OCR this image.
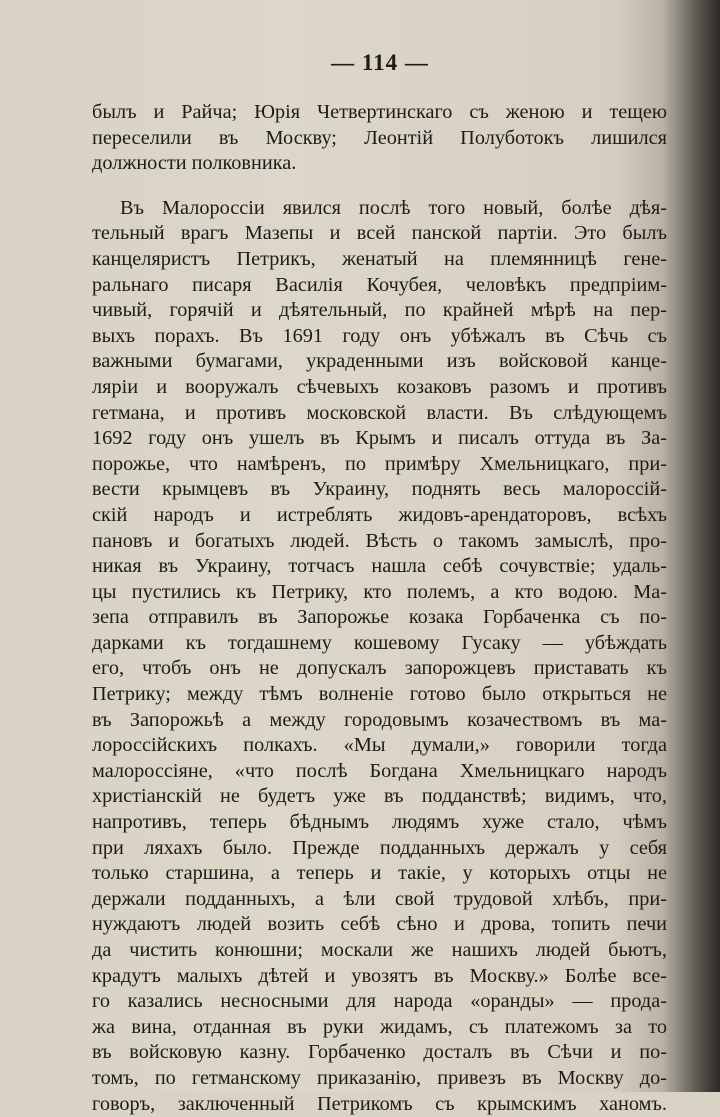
— 114 —
былъ и Райча; Юрія Четвертинскаго съ женою и тещею
переселили въ Москву; Леонтій Полуботокъ лишился
должности полковника.
Въ Малороссіи явился послѣ того новый, болѣе дѣя-
тельный врагъ Мазепы и всей панской партіи. Это былъ
канцеляристъ Петрикъ, женатый на племянницѣ гене-
ральнаго писаря Василія Кочубея, человѣкъ предпріим-
чивый, горячій и дѣятельный, по крайней мѣрѣ на пер-
выхъ порахъ. Въ 1691 году онъ убѣжалъ въ Сѣчь съ
важными бумагами, украденными изъ войсковой канце-
ляріи и вооружалъ сѣчевыхъ козаковъ разомъ и противъ
гетмана, и противъ московской власти. Въ слѣдующемъ
1692 году онъ ушелъ въ Крымъ и писалъ оттуда въ За-
порожье, что намѣренъ, по примѣру Хмельницкаго, при-
вести крымцевъ въ Украину, поднять весь малороссій-
скій народъ и истреблять жидовъ-арендаторовъ, всѣхъ
пановъ и богатыхъ людей. Вѣсть о такомъ замыслѣ, про-
никая въ Украину, тотчасъ нашла себѣ сочувствіе; удаль-
цы пустились къ Петрику, кто полемъ, а кто водою. Ма-
зепа отправилъ въ Запорожье козака Горбаченка съ по-
дарками къ тогдашнему кошевому Гусаку — убѣждать
его, чтобъ онъ не допускалъ запорожцевъ приставать къ
Петрику; между тѣмъ волненіе готово было открыться не
въ Запорожьѣ а между городовымъ козачествомъ въ ма-
лороссійскихъ полкахъ. «Мы думали,» говорили тогда
малороссіяне, «что послѣ Богдана Хмельницкаго народъ
христіанскій не будетъ уже въ подданствѣ; видимъ, что,
напротивъ, теперь бѣднымъ людямъ хуже стало, чѣмъ
при ляхахъ было. Прежде подданныхъ держалъ у себя
только старшина, а теперь и такіе, у которыхъ отцы не
держали подданныхъ, а ѣли свой трудовой хлѣбъ, при-
нуждаютъ людей возить себѣ сѣно и дрова, топить печи
да чистить конюшни; москали же нашихъ людей бьютъ,
крадутъ малыхъ дѣтей и увозятъ въ Москву.» Болѣе все-
го казались несносными для народа «оранды» — прода-
жа вина, отданная въ руки жидамъ, съ платежомъ за то
въ войсковую казну. Горбаченко досталъ въ Сѣчи и по-
томъ, по гетманскому приказанію, привезъ въ Москву до-
говоръ, заключенный Петрикомъ съ крымскимъ ханомъ.
